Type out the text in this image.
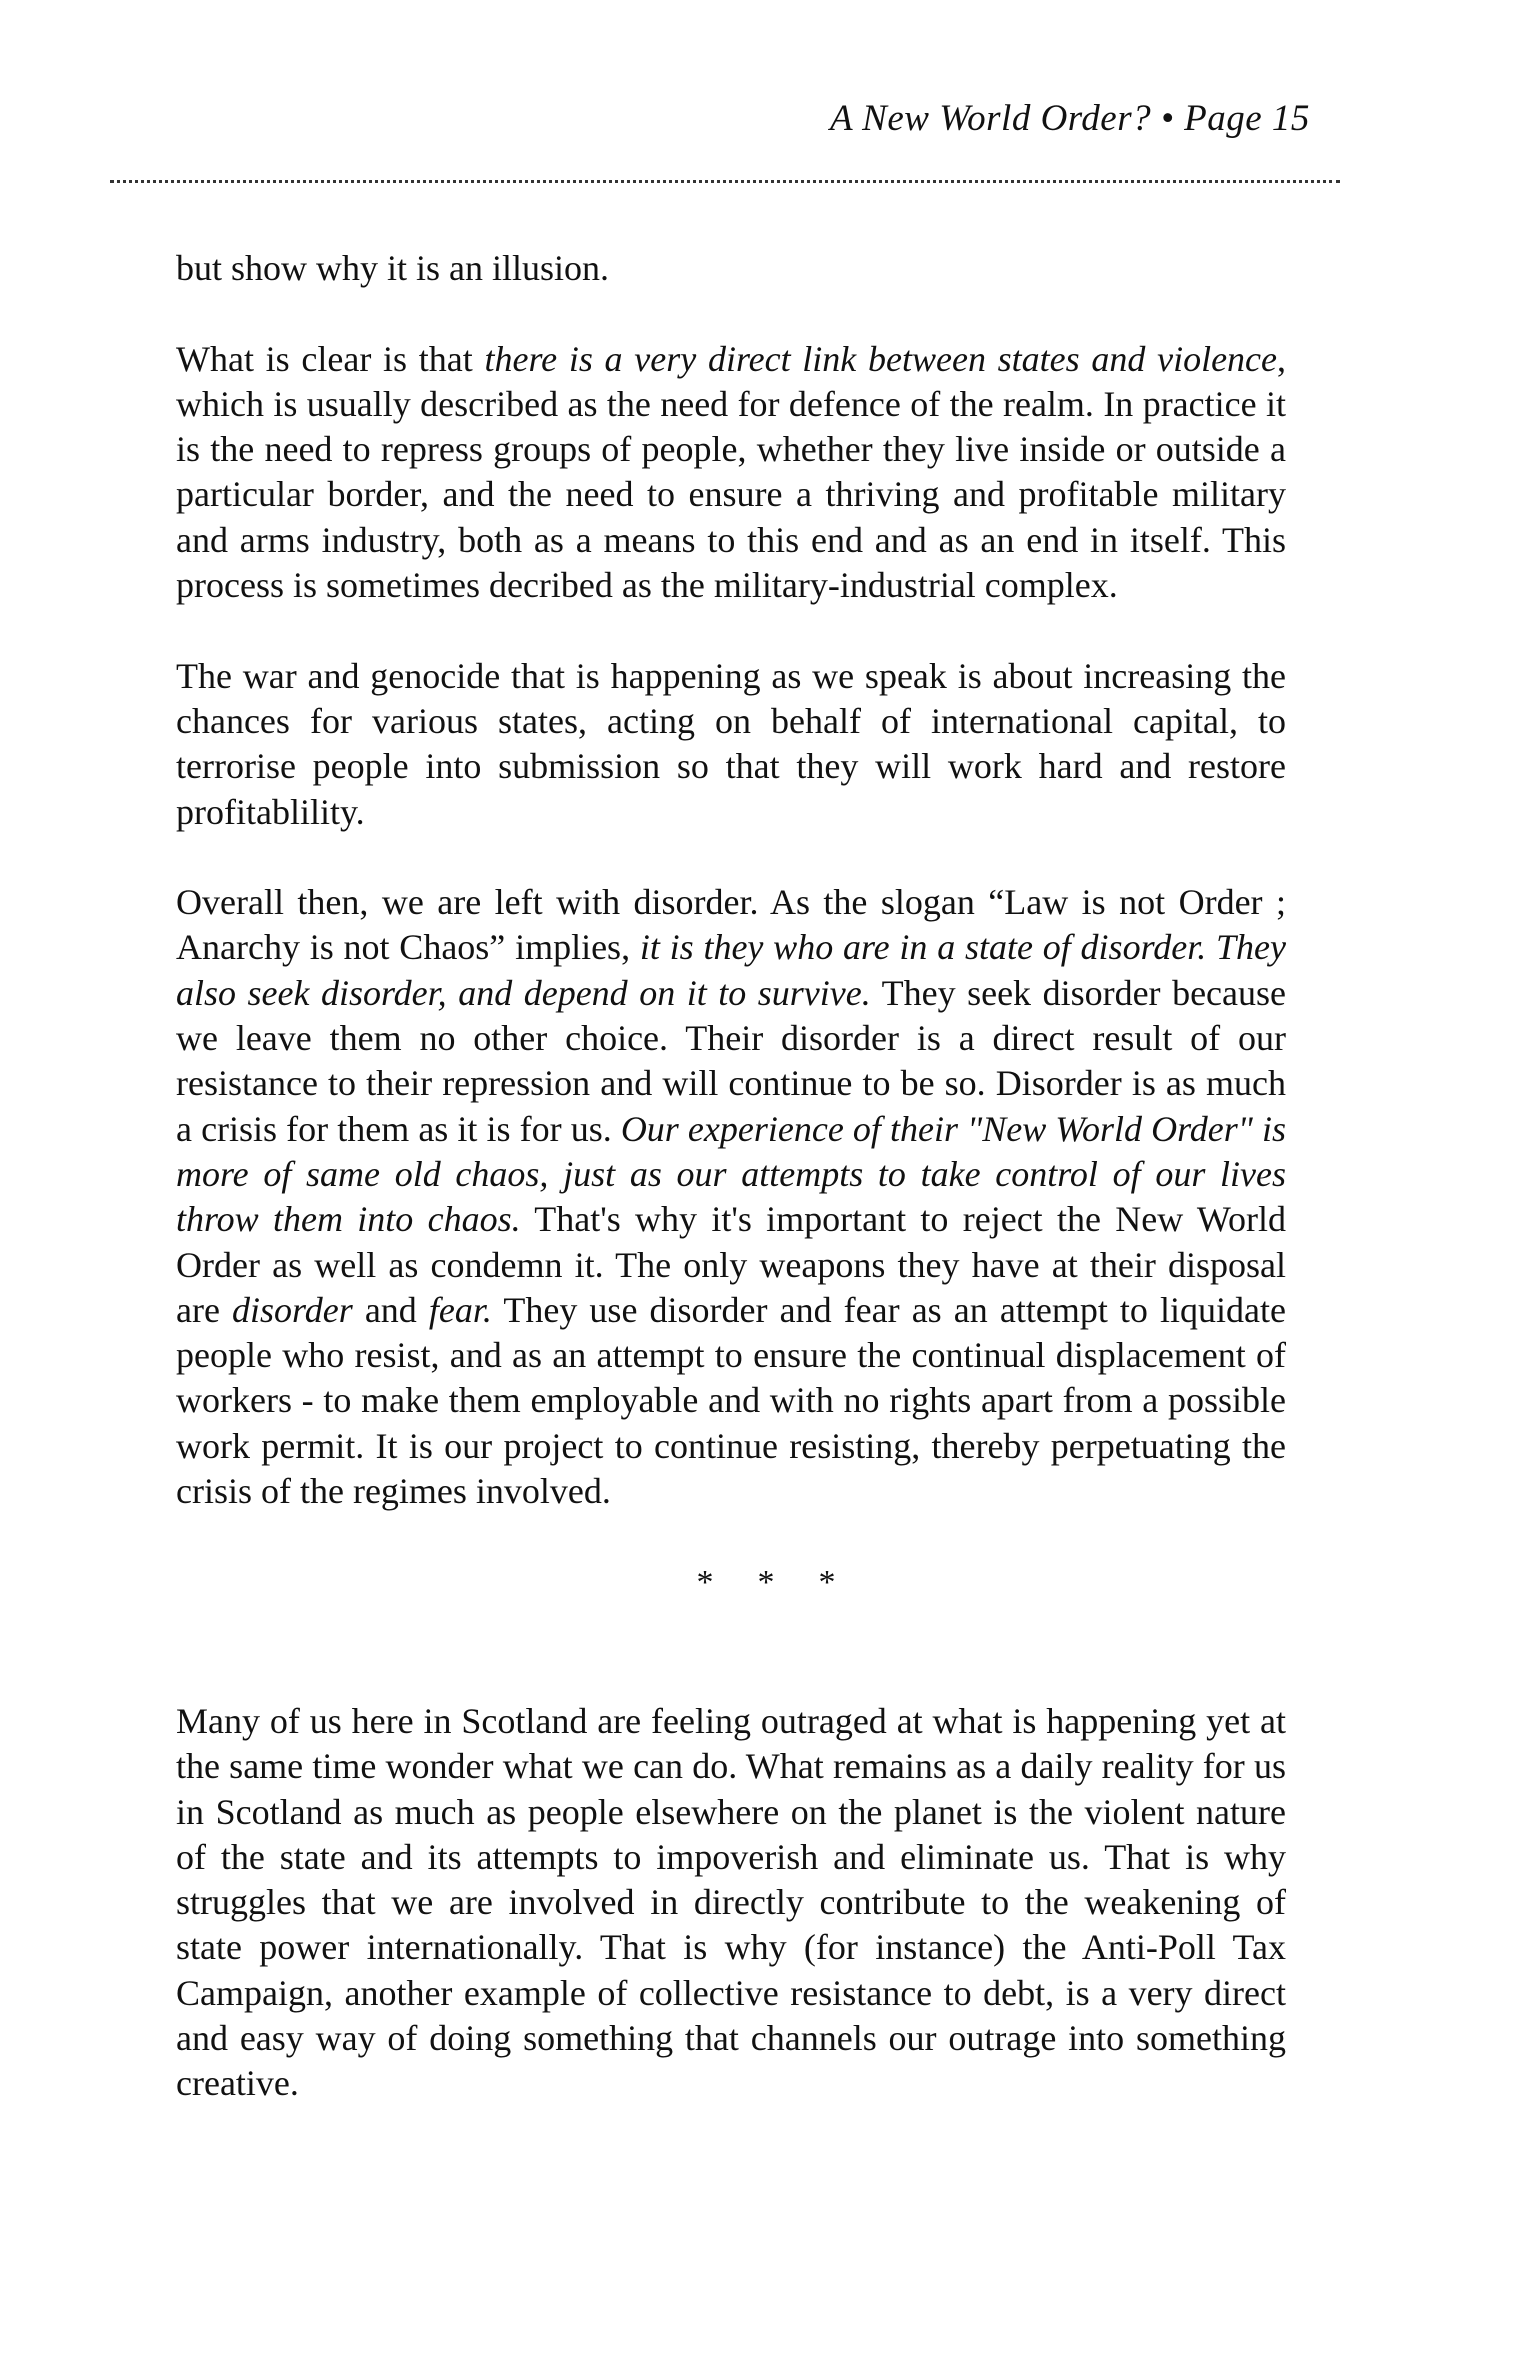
A New World Order? • Page 15

but show why it is an illusion.

What is clear is that there is a very direct link between states and violence, which is usually described as the need for defence of the realm. In practice it is the need to repress groups of people, whether they live inside or outside a particular border, and the need to ensure a thriving and profitable military and arms industry, both as a means to this end and as an end in itself. This process is sometimes decribed as the military-industrial complex.

The war and genocide that is happening as we speak is about increasing the chances for various states, acting on behalf of international capital, to terrorise people into submission so that they will work hard and restore profitablility.

Overall then, we are left with disorder. As the slogan “Law is not Order ; Anarchy is not Chaos” implies, it is they who are in a state of disorder. They also seek disorder, and depend on it to survive. They seek disorder because we leave them no other choice. Their disorder is a direct result of our resistance to their repression and will continue to be so. Disorder is as much a crisis for them as it is for us. Our experience of their "New World Order" is more of same old chaos, just as our attempts to take control of our lives throw them into chaos. That's why it's important to reject the New World Order as well as condemn it. The only weapons they have at their disposal are disorder and fear. They use disorder and fear as an attempt to liquidate people who resist, and as an attempt to ensure the continual displacement of workers - to make them employable and with no rights apart from a possible work permit. It is our project to continue resisting, thereby perpetuating the crisis of the regimes involved.

* * *

Many of us here in Scotland are feeling outraged at what is happening yet at the same time wonder what we can do. What remains as a daily reality for us in Scotland as much as people elsewhere on the planet is the violent nature of the state and its attempts to impoverish and eliminate us. That is why struggles that we are involved in directly contribute to the weakening of state power internationally. That is why (for instance) the Anti-Poll Tax Campaign, another example of collective resistance to debt, is a very direct and easy way of doing something that channels our outrage into something creative.
